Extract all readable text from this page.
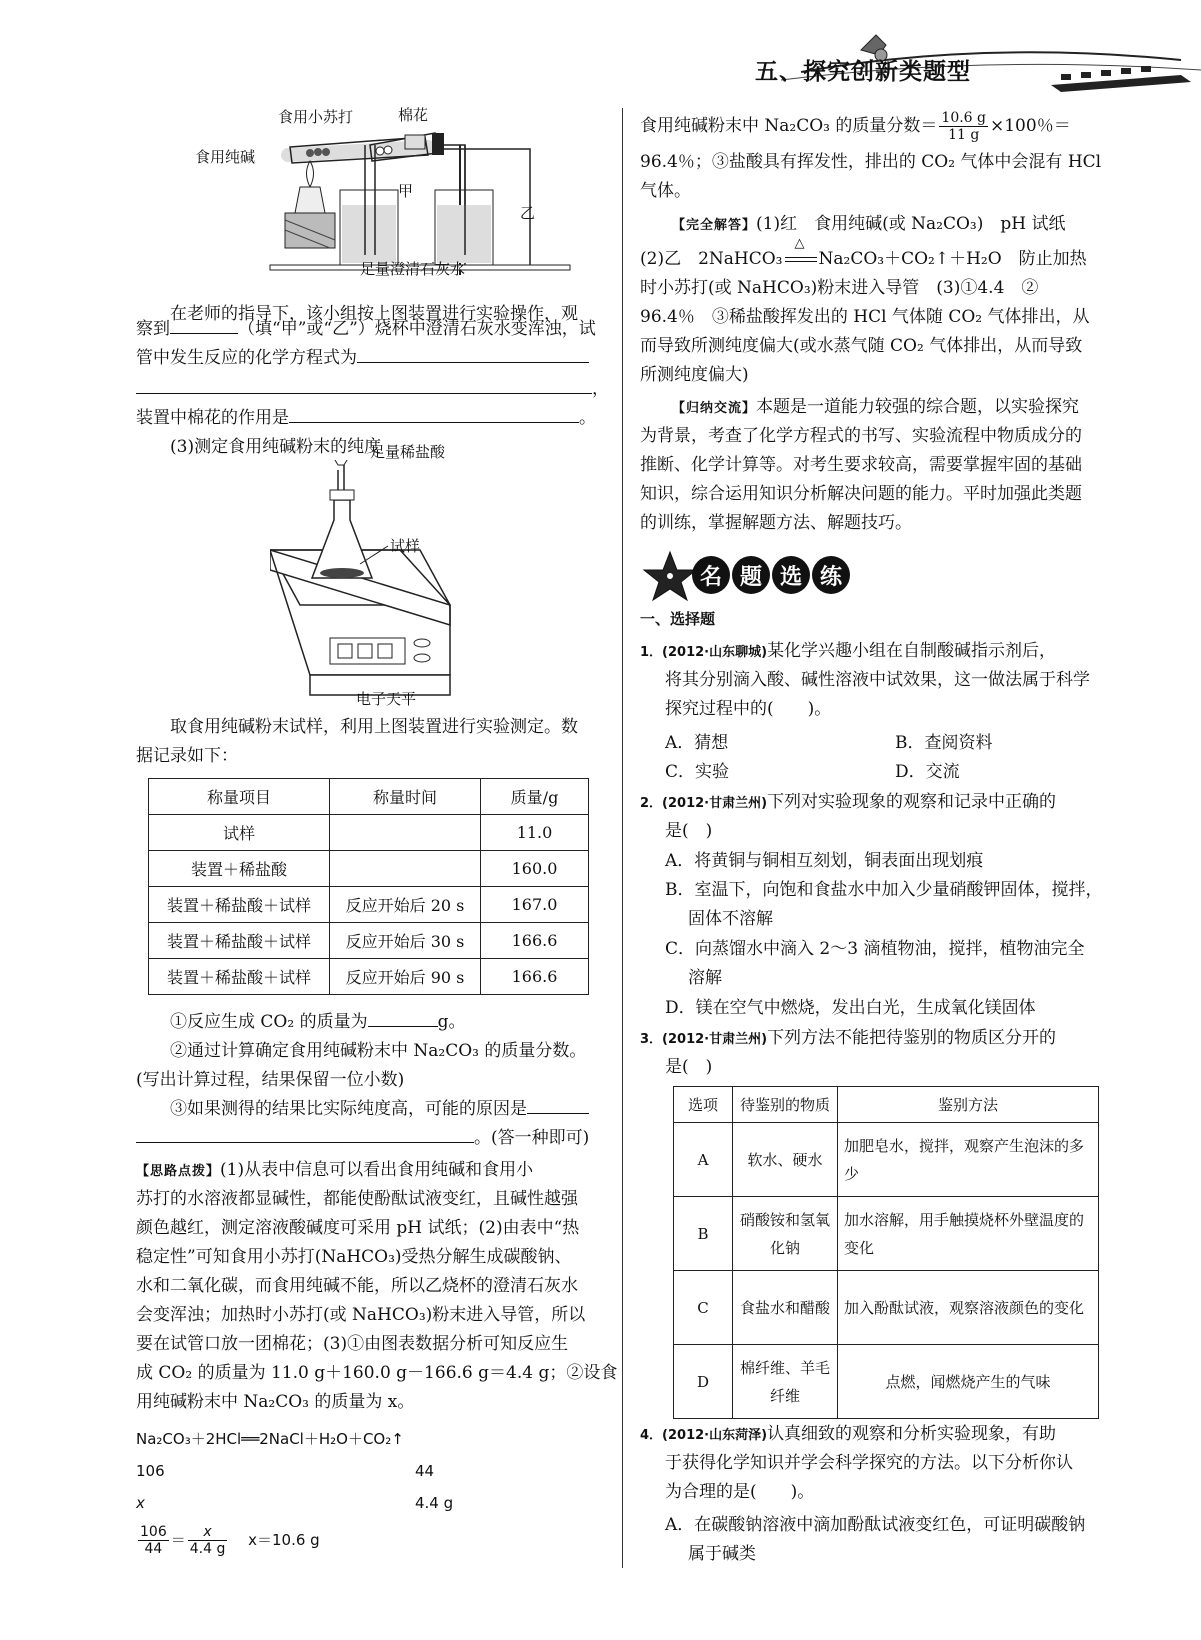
五、探究创新类题型
食用小苏打	棉花
食用纯碱
甲
乙
足量澄清石灰水
在老师的指导下，该小组按上图装置进行实验操作，观
察到	（填“甲”或“乙”）烧杯中澄清石灰水变浑浊，试
管中发生反应的化学方程式为
，
装置中棉花的作用是	。
(3)测定食用纯碱粉末的纯度
足量稀盐酸
试样
电子天平
取食用纯碱粉末试样，利用上图装置进行实验测定。数
据记录如下：
称量项目	称量时间	质量/g
试样		11.0
装置＋稀盐酸		160.0
装置＋稀盐酸＋试样	反应开始后 20 s	167.0
装置＋稀盐酸＋试样	反应开始后 30 s	166.6
装置＋稀盐酸＋试样	反应开始后 90 s	166.6
①反应生成 CO₂ 的质量为	g。
②通过计算确定食用纯碱粉末中 Na₂CO₃ 的质量分数。
(写出计算过程，结果保留一位小数)
③如果测得的结果比实际纯度高，可能的原因是
。(答一种即可)
【思路点拨】(1)从表中信息可以看出食用纯碱和食用小
苏打的水溶液都显碱性，都能使酚酞试液变红，且碱性越强
颜色越红，测定溶液酸碱度可采用 pH 试纸；(2)由表中“热
稳定性”可知食用小苏打(NaHCO₃)受热分解生成碳酸钠、
水和二氧化碳，而食用纯碱不能，所以乙烧杯的澄清石灰水
会变浑浊；加热时小苏打(或 NaHCO₃)粉末进入导管，所以
要在试管口放一团棉花；(3)①由图表数据分析可知反应生
成 CO₂ 的质量为 11.0 g＋160.0 g－166.6 g＝4.4 g；②设食
用纯碱粉末中 Na₂CO₃ 的质量为 x。
Na₂CO₃＋2HCl══2NaCl＋H₂O＋CO₂↑
106	44
x	4.4 g
$\frac{106}{44} = \frac{x}{4.4 g} x=10.6$ g
食用纯碱粉末中 Na₂CO₃ 的质量分数＝ $\frac{10.6 g}{11 g} \times 100$％＝
96.4％；③盐酸具有挥发性，排出的 CO₂ 气体中会混有 HCl
气体。
【完全解答】(1)红　食用纯碱(或 Na₂CO₃)　pH 试纸
(2)乙　2NaHCO₃
△
Na₂CO₃＋CO₂↑＋H₂O　防止加热
时小苏打(或 NaHCO₃)粉末进入导管　(3)①4.4　②
96.4％　③稀盐酸挥发出的 HCl 气体随 CO₂ 气体排出，从
而导致所测纯度偏大(或水蒸气随 CO₂ 气体排出，从而导致
所测纯度偏大)
【归纳交流】本题是一道能力较强的综合题，以实验探究
为背景，考查了化学方程式的书写、实验流程中物质成分的
推断、化学计算等。对考生要求较高，需要掌握牢固的基础
知识，综合运用知识分析解决问题的能力。平时加强此类题
的训练，掌握解题方法、解题技巧。
名 题 选 练
一、选择题
1．(2012·山东聊城)某化学兴趣小组在自制酸碱指示剂后，
将其分别滴入酸、碱性溶液中试效果，这一做法属于科学
探究过程中的(　　)。
A．猜想	B．查阅资料
C．实验	D．交流
2．(2012·甘肃兰州)下列对实验现象的观察和记录中正确的
是(　)
A．将黄铜与铜相互刻划，铜表面出现划痕
B．室温下，向饱和食盐水中加入少量硝酸钾固体，搅拌，
固体不溶解
C．向蒸馏水中滴入 2～3 滴植物油，搅拌，植物油完全
溶解
D．镁在空气中燃烧，发出白光，生成氧化镁固体
3．(2012·甘肃兰州)下列方法不能把待鉴别的物质区分开的
是(　)
选项	待鉴别的物质	鉴别方法
A	软水、硬水	加肥皂水，搅拌，观察产生泡沫的多少
B	硝酸铵和氢氧化钠	加水溶解，用手触摸烧杯外壁温度的变化
C	食盐水和醋酸	加入酚酞试液，观察溶液颜色的变化
D	棉纤维、羊毛纤维	点燃，闻燃烧产生的气味
4．(2012·山东菏泽)认真细致的观察和分析实验现象，有助
于获得化学知识并学会科学探究的方法。以下分析你认
为合理的是(　　)。
A．在碳酸钠溶液中滴加酚酞试液变红色，可证明碳酸钠
属于碱类
